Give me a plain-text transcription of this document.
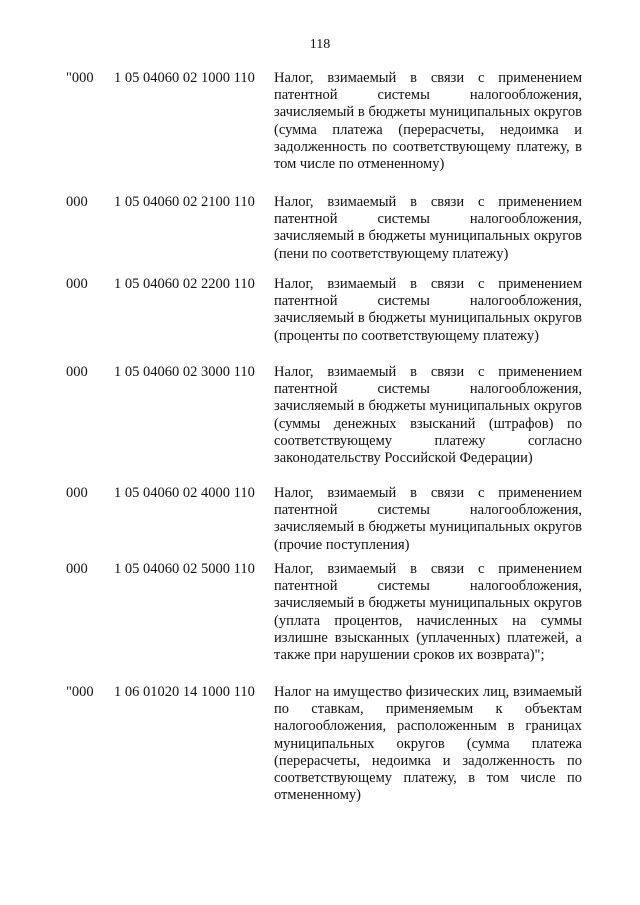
118
"000	1 05 04060 02 1000 110	Налог, взимаемый в связи с применением патентной системы налогообложения, зачисляемый в бюджеты муниципальных округов (сумма платежа (перерасчеты, недоимка и задолженность по соответствующему платежу, в том числе по отмененному)
000	1 05 04060 02 2100 110	Налог, взимаемый в связи с применением патентной системы налогообложения, зачисляемый в бюджеты муниципальных округов (пени по соответствующему платежу)
000	1 05 04060 02 2200 110	Налог, взимаемый в связи с применением патентной системы налогообложения, зачисляемый в бюджеты муниципальных округов (проценты по соответствующему платежу)
000	1 05 04060 02 3000 110	Налог, взимаемый в связи с применением патентной системы налогообложения, зачисляемый в бюджеты муниципальных округов (суммы денежных взысканий (штрафов) по соответствующему платежу согласно законодательству Российской Федерации)
000	1 05 04060 02 4000 110	Налог, взимаемый в связи с применением патентной системы налогообложения, зачисляемый в бюджеты муниципальных округов (прочие поступления)
000	1 05 04060 02 5000 110	Налог, взимаемый в связи с применением патентной системы налогообложения, зачисляемый в бюджеты муниципальных округов (уплата процентов, начисленных на суммы излишне взысканных (уплаченных) платежей, а также при нарушении сроков их возврата)";
"000	1 06 01020 14 1000 110	Налог на имущество физических лиц, взимаемый по ставкам, применяемым к объектам налогообложения, расположенным в границах муниципальных округов (сумма платежа (перерасчеты, недоимка и задолженность по соответствующему платежу, в том числе по отмененному)
